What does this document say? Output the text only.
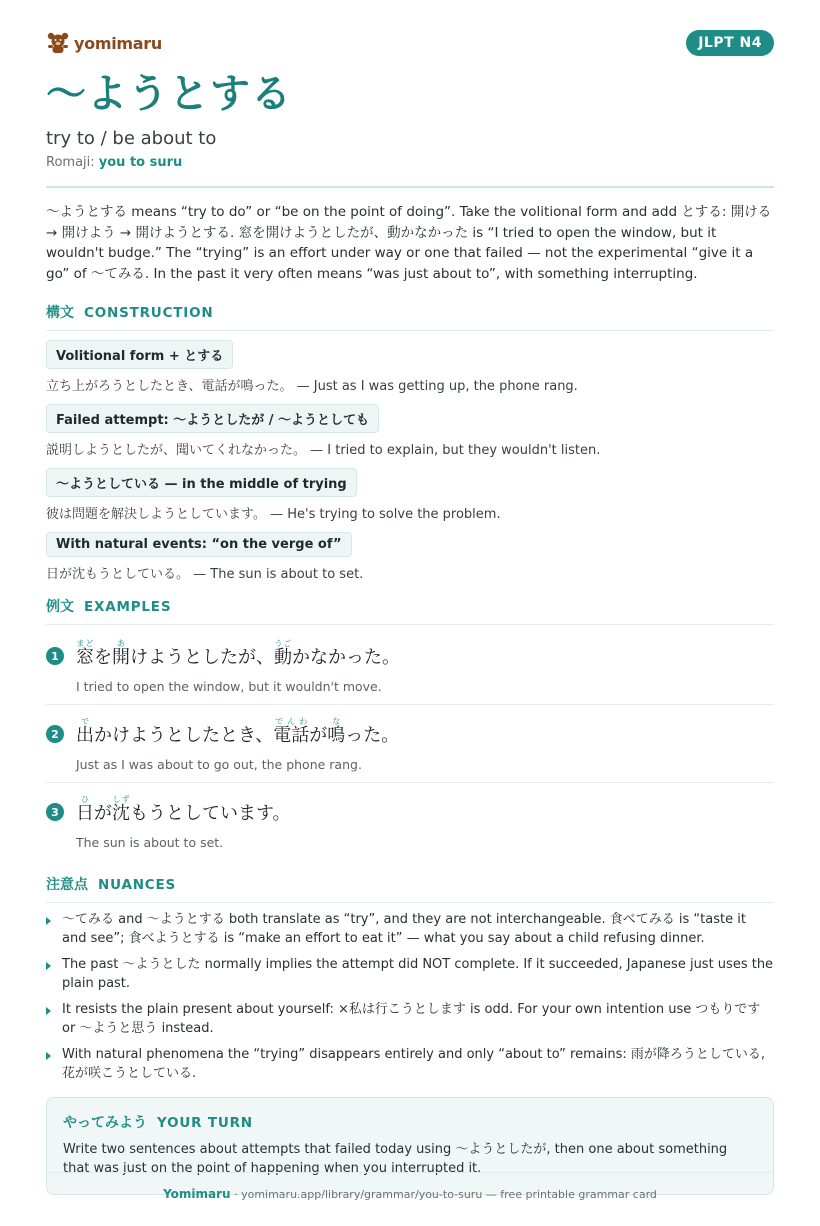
yomimaru	JLPT N4
〜ようとする
try to / be about to
Romaji: you to suru

〜ようとする means “try to do” or “be on the point of doing”. Take the volitional form and add とする: 開ける → 開けよう → 開けようとする. 窓を開けようとしたが、動かなかった is “I tried to open the window, but it wouldn't budge.” The “trying” is an effort under way or one that failed — not the experimental “give it a go” of 〜てみる. In the past it very often means “was just about to”, with something interrupting.

構文 CONSTRUCTION
Volitional form + とする
立ち上がろうとしたとき、電話が鳴った。 — Just as I was getting up, the phone rang.
Failed attempt: 〜ようとしたが / 〜ようとしても
説明しようとしたが、聞いてくれなかった。 — I tried to explain, but they wouldn't listen.
〜ようとしている — in the middle of trying
彼は問題を解決しようとしています。 — He's trying to solve the problem.
With natural events: “on the verge of”
日が沈もうとしている。 — The sun is about to set.
例文 EXAMPLES
1 窓まどを開あけようとしたが、動うごかなかった。
I tried to open the window, but it wouldn't move.
2 出でかけようとしたとき、電話でんわが鳴なった。
Just as I was about to go out, the phone rang.
3 日ひが沈しずもうとしています。
The sun is about to set.
注意点 NUANCES
〜てみる and 〜ようとする both translate as “try”, and they are not interchangeable. 食べてみる is “taste it and see”; 食べようとする is “make an effort to eat it” — what you say about a child refusing dinner.
The past 〜ようとした normally implies the attempt did NOT complete. If it succeeded, Japanese just uses the plain past.
It resists the plain present about yourself: ×私は行こうとします is odd. For your own intention use つもりです or 〜ようと思う instead.
With natural phenomena the “trying” disappears entirely and only “about to” remains: 雨が降ろうとしている, 花が咲こうとしている.
やってみよう YOUR TURN
Write two sentences about attempts that failed today using 〜ようとしたが, then one about something that was just on the point of happening when you interrupted it.
Yomimaru · yomimaru.app/library/grammar/you-to-suru — free printable grammar card
